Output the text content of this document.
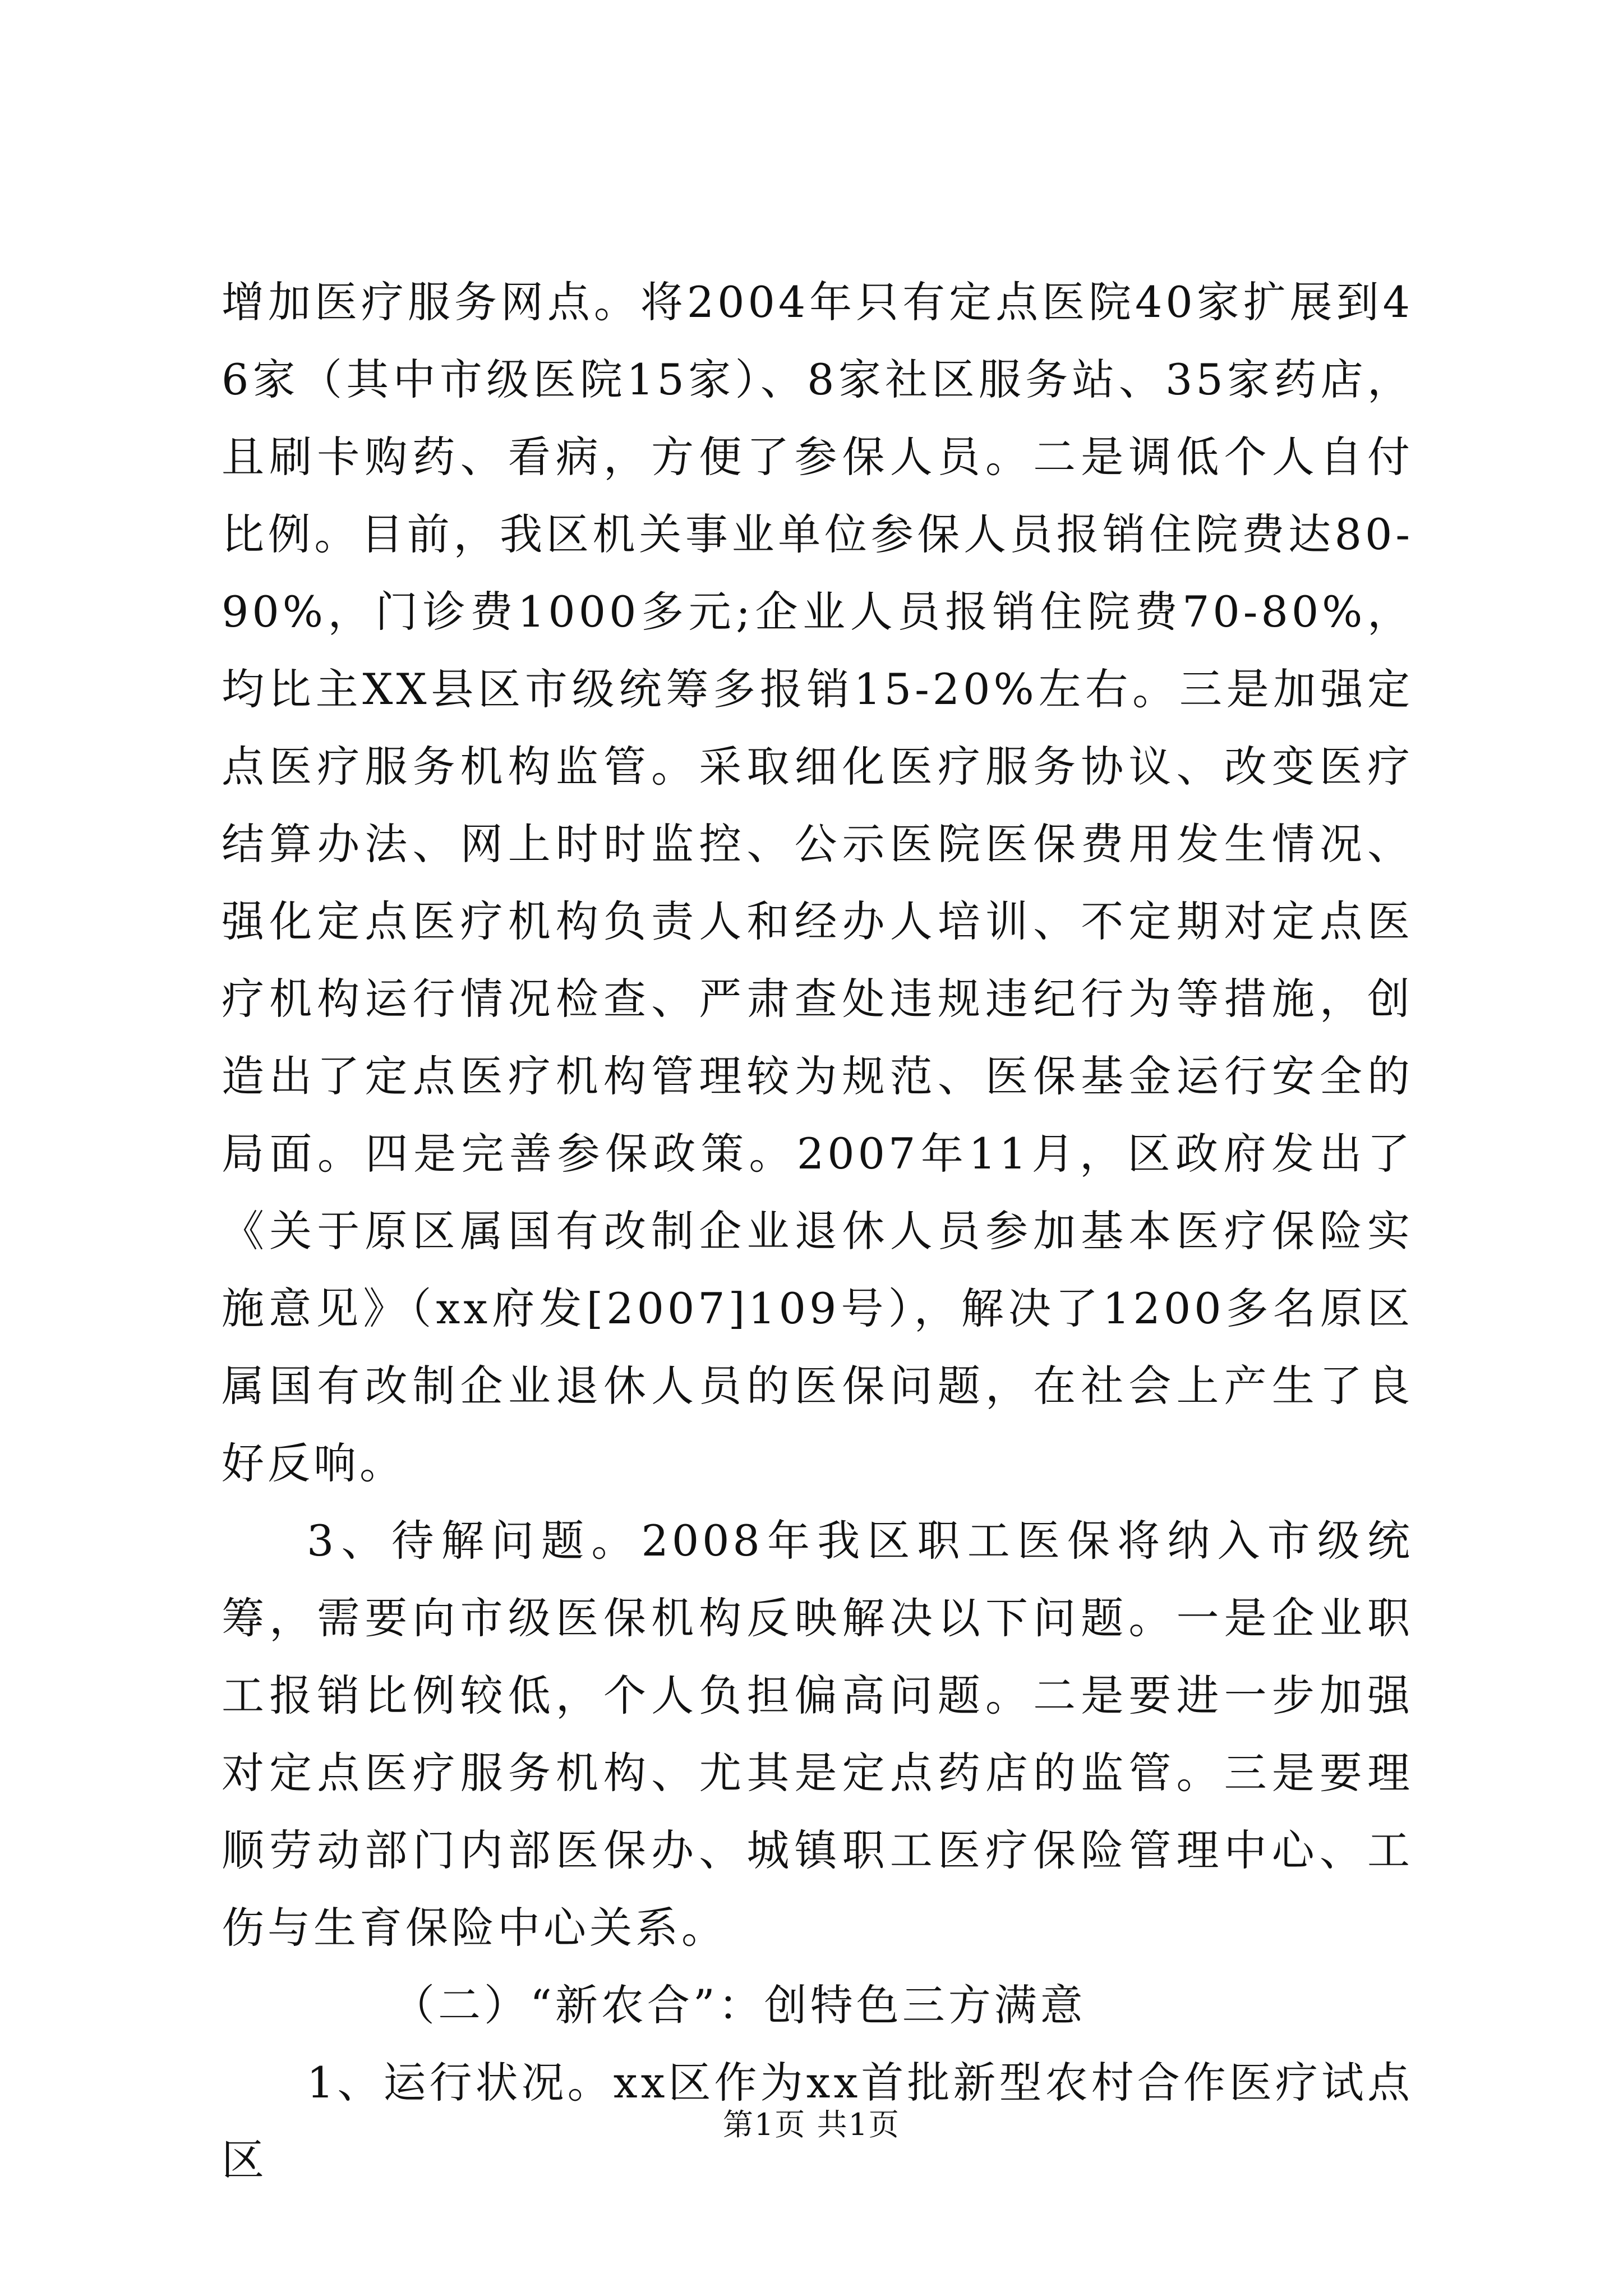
增加医疗服务网点。将2004年只有定点医院40家扩展到46家（其中市级医院15家）、8家社区服务站、35家药店，且刷卡购药、看病，方便了参保人员。二是调低个人自付比例。目前，我区机关事业单位参保人员报销住院费达80-90%，门诊费1000多元;企业人员报销住院费70-80%，均比主XX县区市级统筹多报销15-20%左右。三是加强定点医疗服务机构监管。采取细化医疗服务协议、改变医疗结算办法、网上时时监控、公示医院医保费用发生情况、强化定点医疗机构负责人和经办人培训、不定期对定点医疗机构运行情况检查、严肃查处违规违纪行为等措施，创造出了定点医疗机构管理较为规范、医保基金运行安全的局面。四是完善参保政策。2007年11月，区政府发出了《关于原区属国有改制企业退休人员参加基本医疗保险实施意见》（xx府发[2007]109号），解决了1200多名原区属国有改制企业退休人员的医保问题，在社会上产生了良好反响。

3、待解问题。2008年我区职工医保将纳入市级统筹，需要向市级医保机构反映解决以下问题。一是企业职工报销比例较低，个人负担偏高问题。二是要进一步加强对定点医疗服务机构、尤其是定点药店的监管。三是要理顺劳动部门内部医保办、城镇职工医疗保险管理中心、工伤与生育保险中心关系。

（二）“新农合”：创特色三方满意

1、运行状况。xx区作为xx首批新型农村合作医疗试点区

第1页 共1页
